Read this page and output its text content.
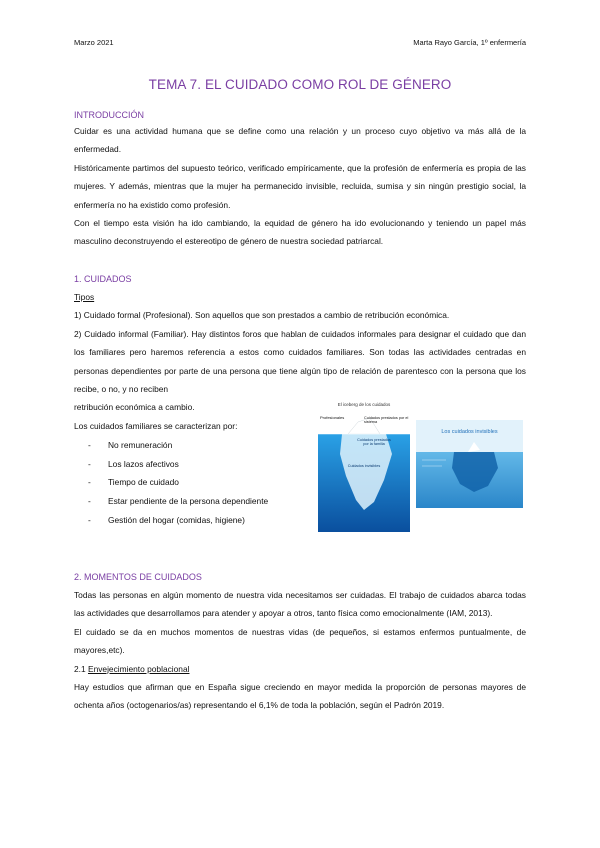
Marzo 2021	Marta Rayo García, 1º enfermería
TEMA 7. EL CUIDADO COMO ROL DE GÉNERO
INTRODUCCIÓN

Cuidar es una actividad humana que se define como una relación y un proceso cuyo objetivo va más allá de la enfermedad.

Históricamente partimos del supuesto teórico, verificado empíricamente, que la profesión de enfermería es propia de las mujeres. Y además, mientras que la mujer ha permanecido invisible, recluida, sumisa y sin ningún prestigio social, la enfermería no ha existido como profesión.

Con el tiempo esta visión ha ido cambiando, la equidad de género ha ido evolucionando y teniendo un papel más masculino deconstruyendo el estereotipo de género de nuestra sociedad patriarcal.

1. CUIDADOS

Tipos

1) Cuidado formal (Profesional). Son aquellos que son prestados a cambio de retribución económica.

2) Cuidado informal (Familiar). Hay distintos foros que hablan de cuidados informales para designar el cuidado que dan los familiares pero haremos referencia a estos como cuidados familiares. Son todas las actividades centradas en personas dependientes por parte de una persona que tiene algún tipo de relación de parentesco con la persona que los recibe, o no, y no reciben

retribución económica a cambio.

Los cuidados familiares se caracterizan por:

- No remuneración
- Los lazos afectivos
- Tiempo de cuidado
- Estar pendiente de la persona dependiente
- Gestión del hogar (comidas, higiene)
El iceberg de los cuidados
Profesionales	Cuidados prestados por el sistema
Cuidados prestados por la familia
Cuidados invisibles
Los cuidados invisibles
2. MOMENTOS DE CUIDADOS

Todas las personas en algún momento de nuestra vida necesitamos ser cuidadas. El trabajo de cuidados abarca todas las actividades que desarrollamos para atender y apoyar a otros, tanto física como emocionalmente (IAM, 2013).

El cuidado se da en muchos momentos de nuestras vidas (de pequeños, si estamos enfermos puntualmente, de mayores,etc).

2.1 Envejecimiento poblacional

Hay estudios que afirman que en España sigue creciendo en mayor medida la proporción de personas mayores de ochenta años (octogenarios/as) representando el 6,1% de toda la población, según el Padrón 2019.
